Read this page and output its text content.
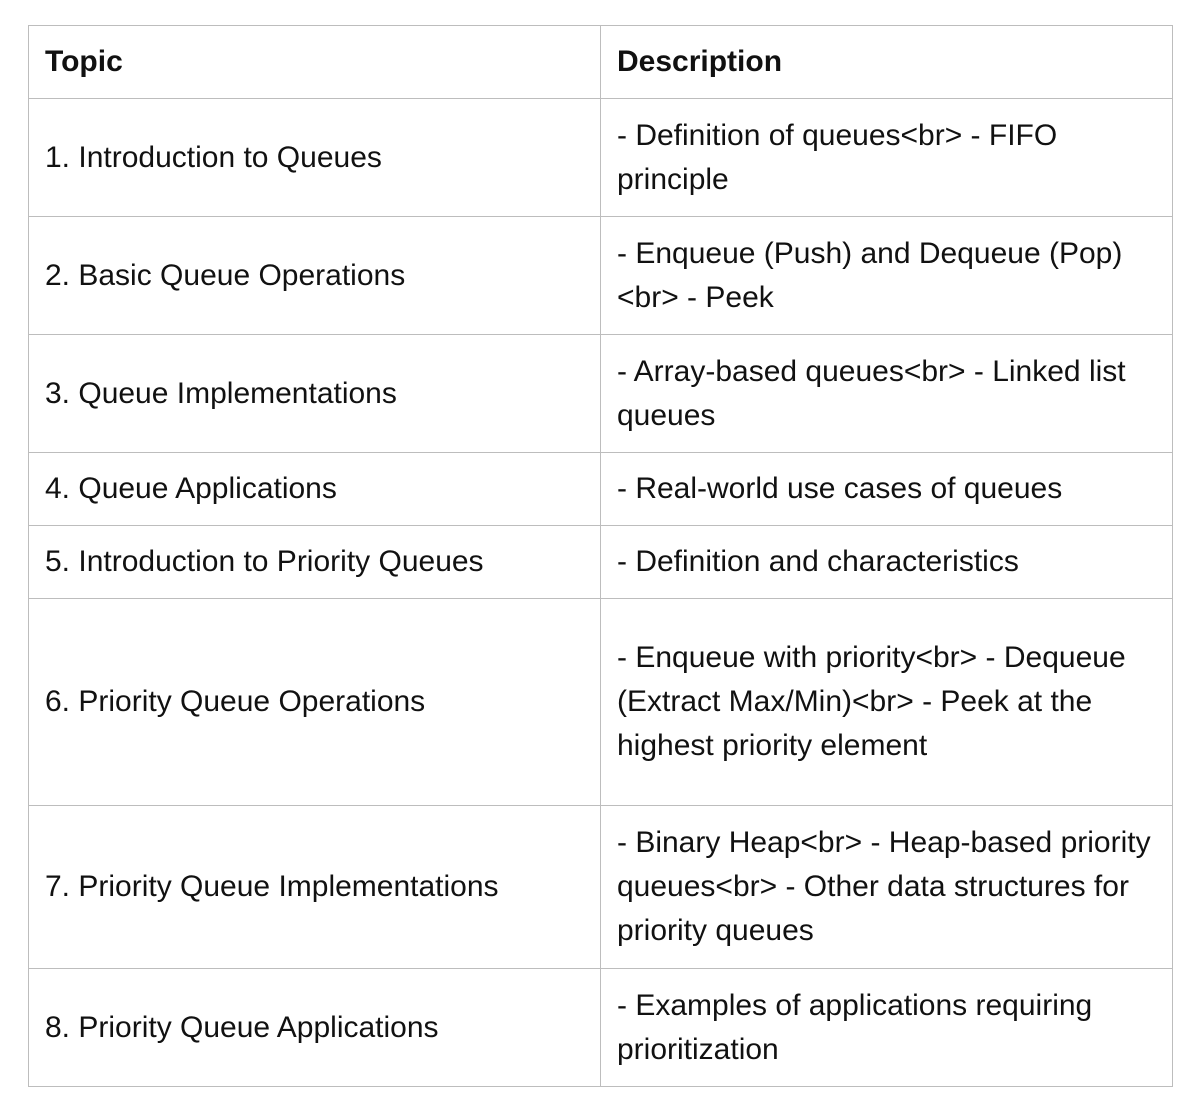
Topic	Description
1. Introduction to Queues	- Definition of queues<br> - FIFO principle
2. Basic Queue Operations	- Enqueue (Push) and Dequeue (Pop)<br> - Peek
3. Queue Implementations	- Array-based queues<br> - Linked list queues
4. Queue Applications	- Real-world use cases of queues
5. Introduction to Priority Queues	- Definition and characteristics
6. Priority Queue Operations	- Enqueue with priority<br> - Dequeue (Extract Max/Min)<br> - Peek at the highest priority element
7. Priority Queue Implementations	- Binary Heap<br> - Heap-based priority queues<br> - Other data structures for priority queues
8. Priority Queue Applications	- Examples of applications requiring prioritization
